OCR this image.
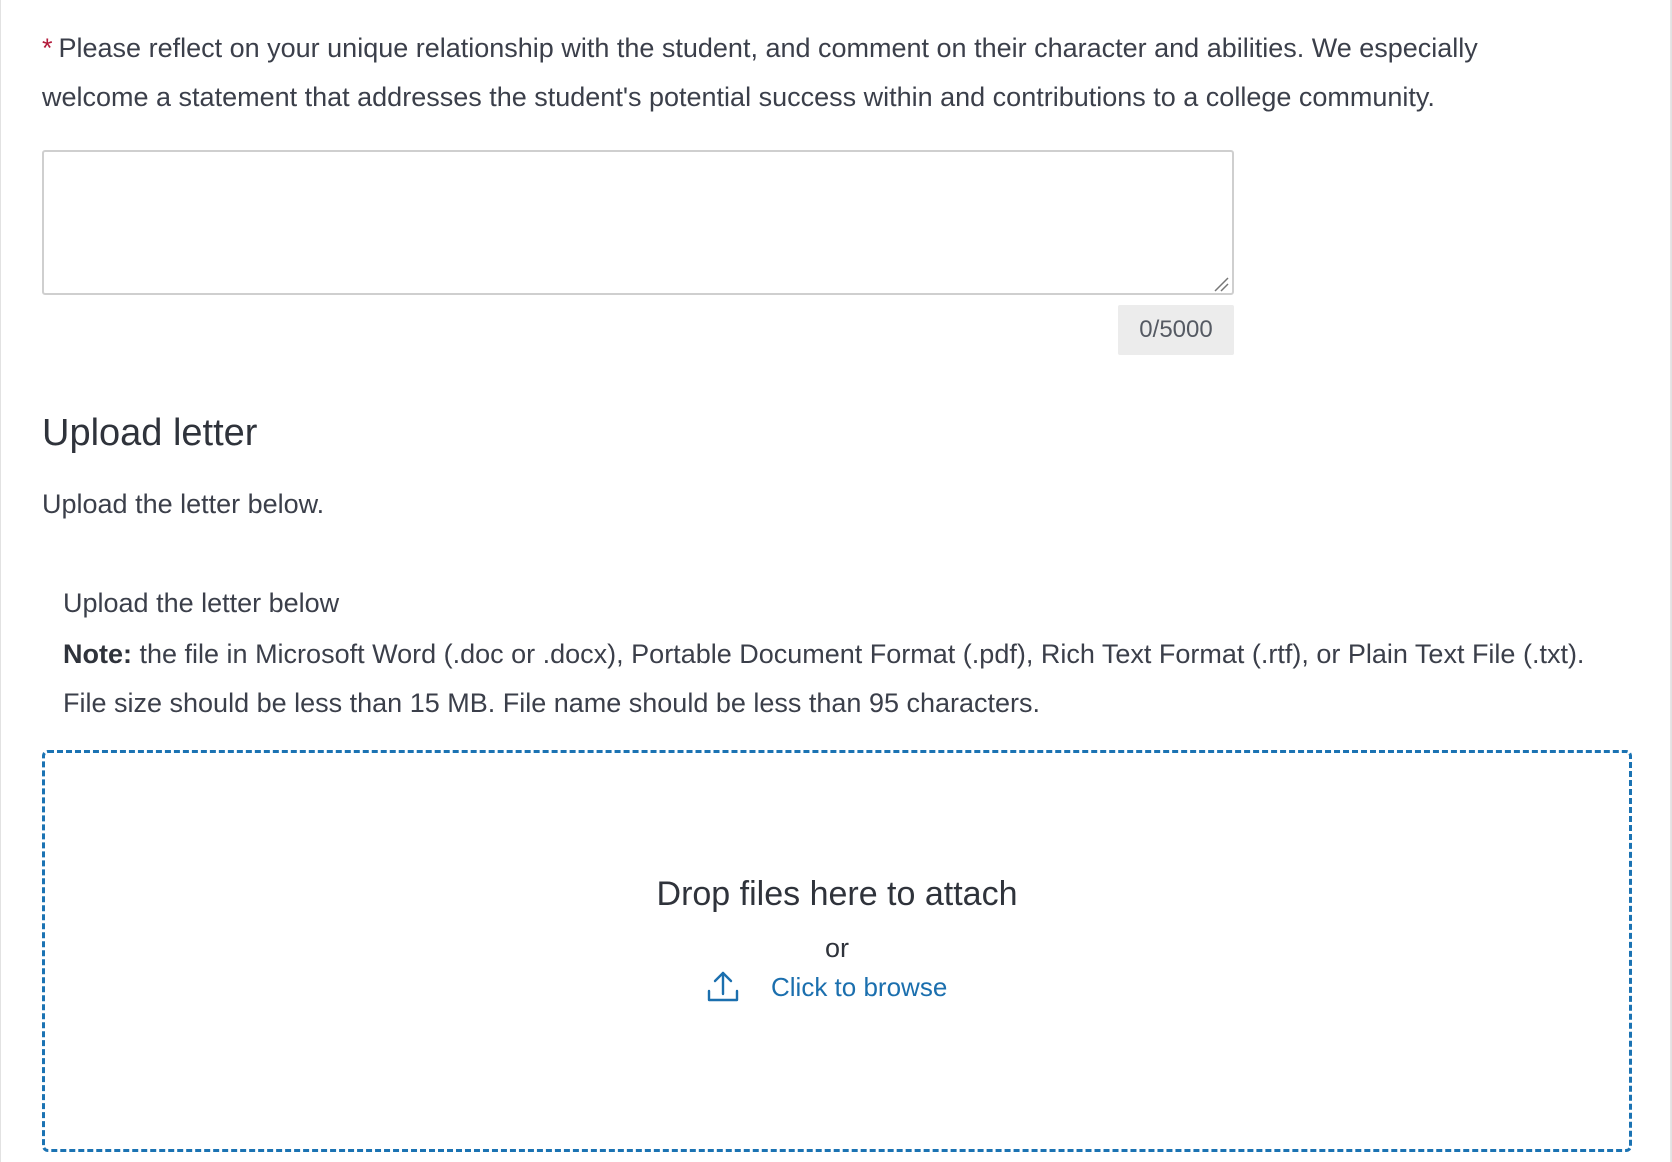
* Please reflect on your unique relationship with the student, and comment on their character and abilities. We especially welcome a statement that addresses the student's potential success within and contributions to a college community.

0/5000
Upload letter

Upload the letter below.

Upload the letter below

Note: the file in Microsoft Word (.doc or .docx), Portable Document Format (.pdf), Rich Text Format (.rtf), or Plain Text File (.txt). File size should be less than 15 MB. File name should be less than 95 characters.

Drop files here to attach
or
Click to browse
